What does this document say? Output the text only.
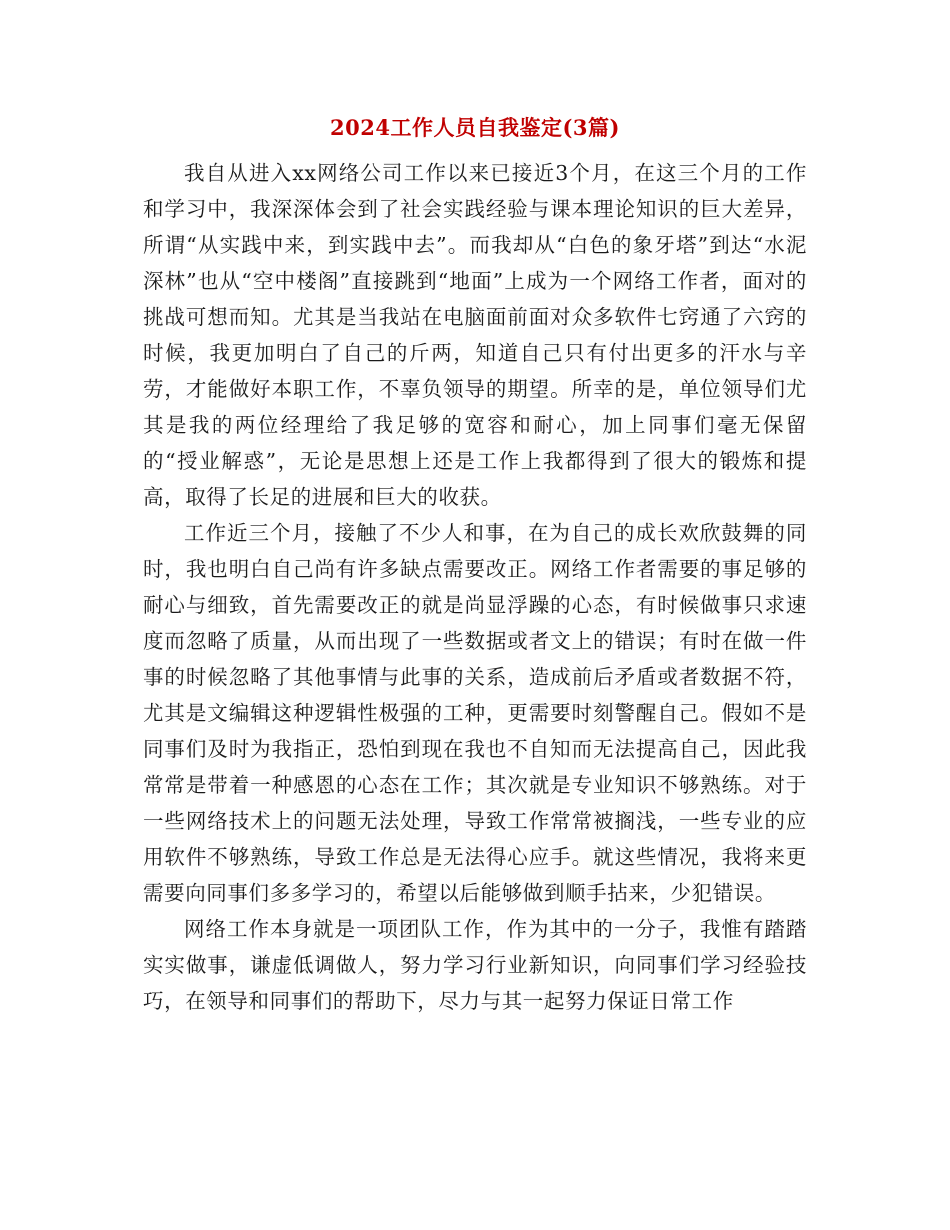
2024工作人员自我鉴定(3篇)

我自从进入xx网络公司工作以来已接近3个月，在这三个月的工作和学习中，我深深体会到了社会实践经验与课本理论知识的巨大差异，所谓“从实践中来，到实践中去”。而我却从“白色的象牙塔”到达“水泥深林”也从“空中楼阁”直接跳到“地面”上成为一个网络工作者，面对的挑战可想而知。尤其是当我站在电脑面前面对众多软件七窍通了六窍的时候，我更加明白了自己的斤两，知道自己只有付出更多的汗水与辛劳，才能做好本职工作，不辜负领导的期望。所幸的是，单位领导们尤其是我的两位经理给了我足够的宽容和耐心，加上同事们毫无保留的“授业解惑”，无论是思想上还是工作上我都得到了很大的锻炼和提高，取得了长足的进展和巨大的收获。

工作近三个月，接触了不少人和事，在为自己的成长欢欣鼓舞的同时，我也明白自己尚有许多缺点需要改正。网络工作者需要的事足够的耐心与细致，首先需要改正的就是尚显浮躁的心态，有时候做事只求速度而忽略了质量，从而出现了一些数据或者文上的错误；有时在做一件事的时候忽略了其他事情与此事的关系，造成前后矛盾或者数据不符，尤其是文编辑这种逻辑性极强的工种，更需要时刻警醒自己。假如不是同事们及时为我指正，恐怕到现在我也不自知而无法提高自己，因此我常常是带着一种感恩的心态在工作；其次就是专业知识不够熟练。对于一些网络技术上的问题无法处理，导致工作常常被搁浅，一些专业的应用软件不够熟练，导致工作总是无法得心应手。就这些情况，我将来更需要向同事们多多学习的，希望以后能够做到顺手拈来，少犯错误。

网络工作本身就是一项团队工作，作为其中的一分子，我惟有踏踏实实做事，谦虚低调做人，努力学习行业新知识，向同事们学习经验技巧，在领导和同事们的帮助下，尽力与其一起努力保证日常工作
